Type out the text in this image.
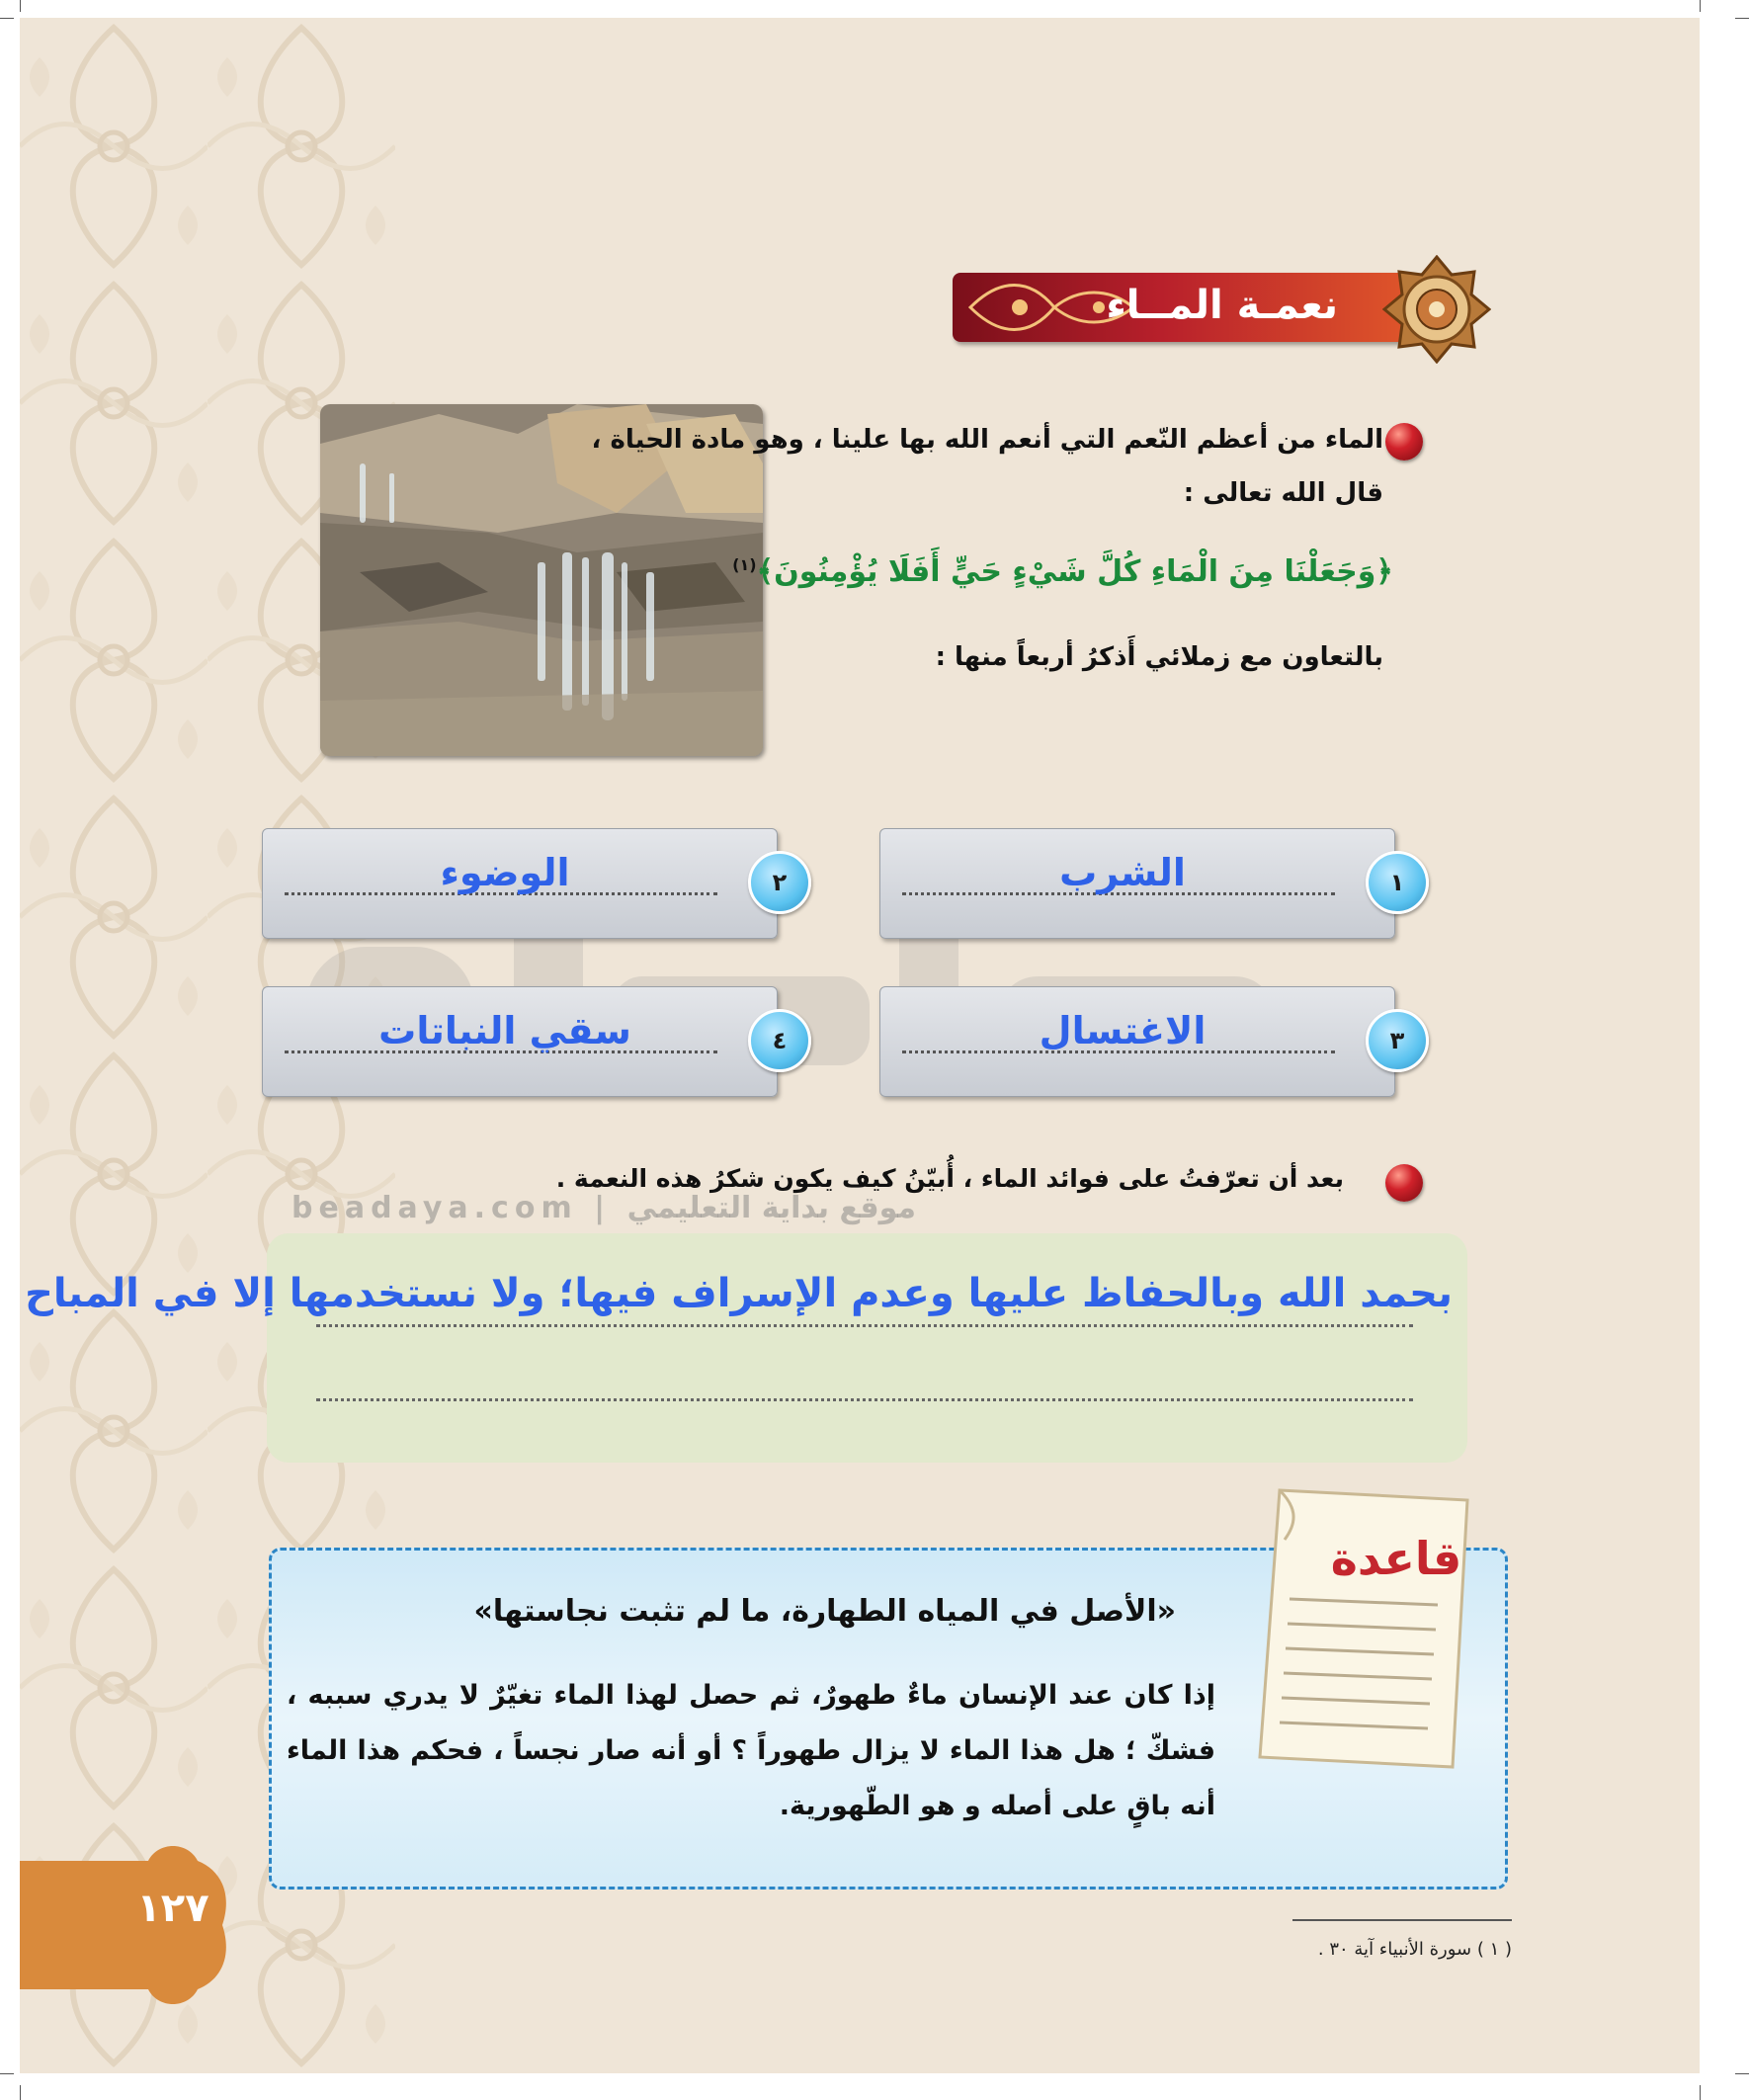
beadaya.com | موقع بداية التعليمي
نعمـة المــاء
الماء من أعظم النّعم التي أنعم الله بها علينا ، وهو مادة الحياة ، قال الله تعالى :
﴿وَجَعَلْنَا مِنَ الْمَاءِ كُلَّ شَيْءٍ حَيٍّ أَفَلَا يُؤْمِنُونَ﴾$^{(١)}$
بالتعاون مع زملائي أَذكرُ أربعاً منها :
الشرب	١
الوضوء	٢
الاغتسال	٣
سقي النباتات	٤
بعد أن تعرّفتُ على فوائد الماء ، أُبيّنُ كيف يكون شكرُ هذه النعمة .
بحمد الله وبالحفاظ عليها وعدم الإسراف فيها؛ ولا نستخدمها إلا في المباح
قاعدة
«الأصل في المياه الطهارة، ما لم تثبت نجاستها»
إذا كان عند الإنسان ماءٌ طهورٌ، ثم حصل لهذا الماء تغيّرٌ لا يدري سببه ، فشكّ ؛ هل هذا الماء لا يزال طهوراً ؟ أو أنه صار نجساً ، فحكم هذا الماء أنه باقٍ على أصله و هو الطّهورية.
( ١ ) سورة الأنبياء آية ٣٠ .
١٢٧
